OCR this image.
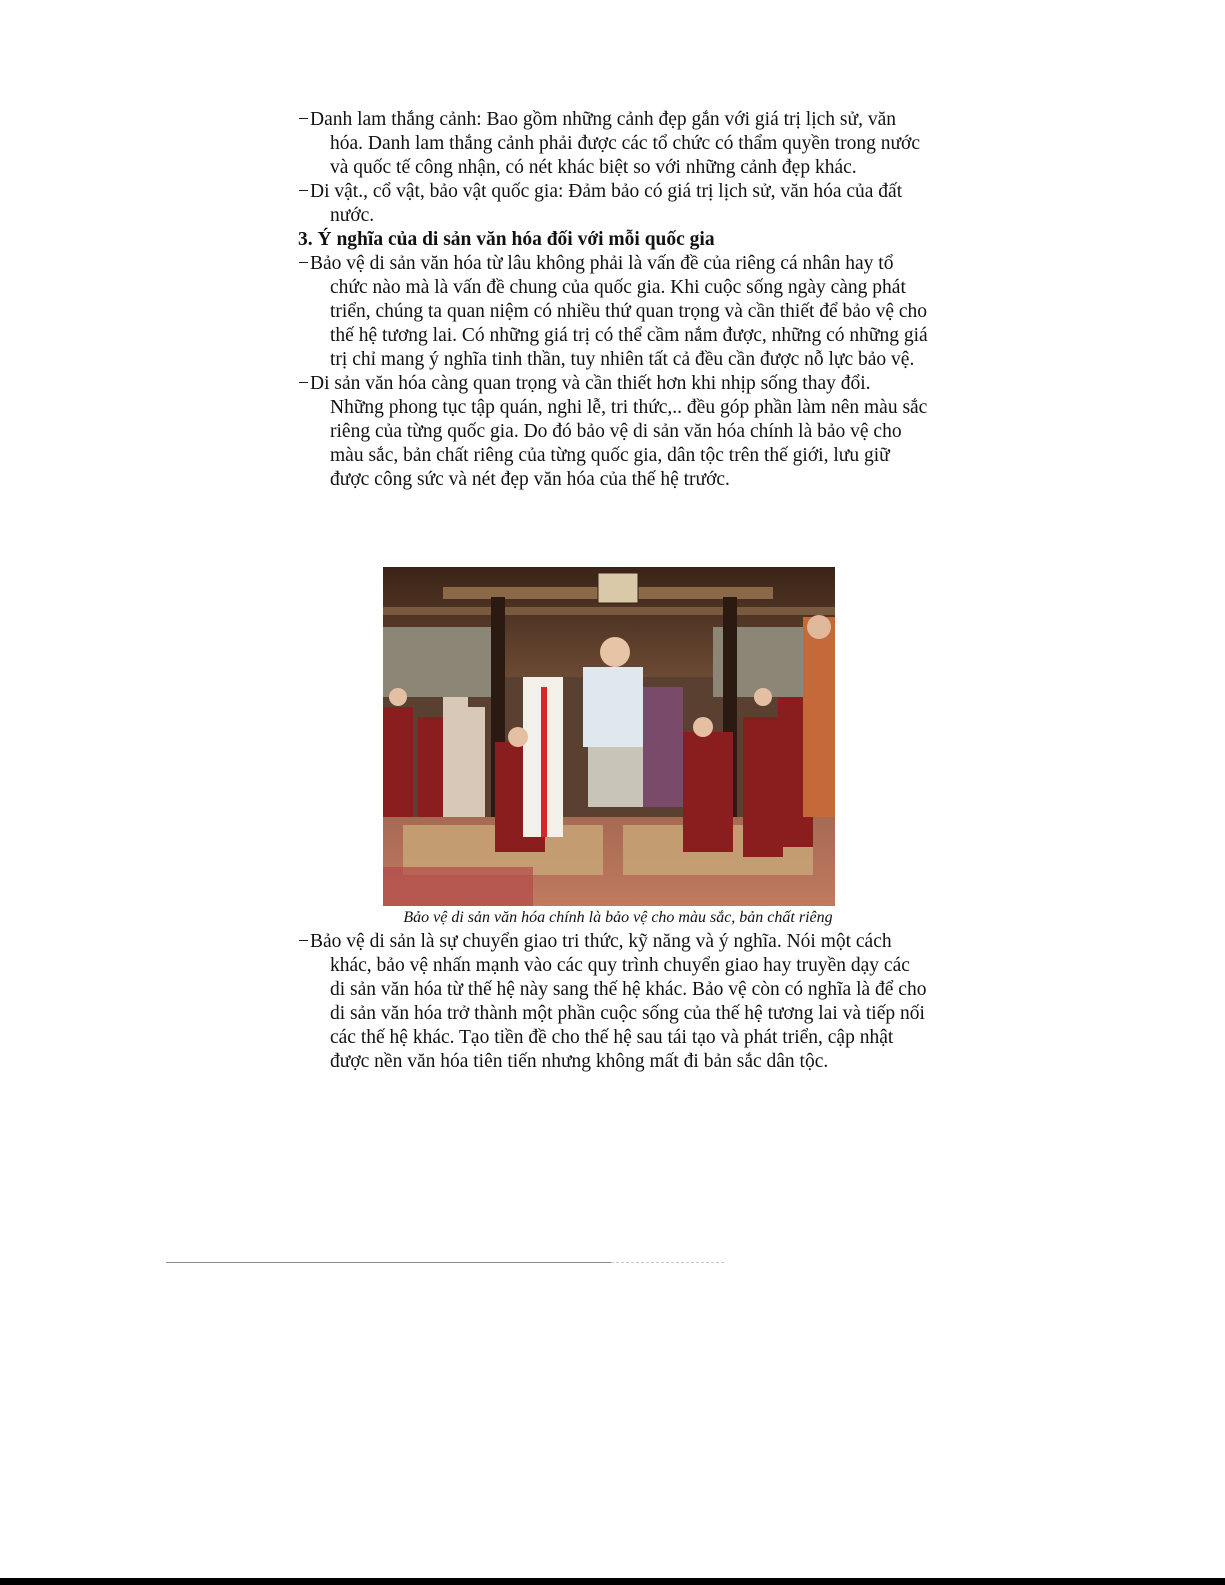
−Danh lam thắng cảnh: Bao gồm những cảnh đẹp gắn với giá trị lịch sử, văn hóa. Danh lam thắng cảnh phải được các tổ chức có thẩm quyền trong nước và quốc tế công nhận, có nét khác biệt so với những cảnh đẹp khác.

−Di vật., cổ vật, bảo vật quốc gia: Đảm bảo có giá trị lịch sử, văn hóa của đất nước.

3. Ý nghĩa của di sản văn hóa đối với mỗi quốc gia

−Bảo vệ di sản văn hóa từ lâu không phải là vấn đề của riêng cá nhân hay tổ chức nào mà là vấn đề chung của quốc gia. Khi cuộc sống ngày càng phát triển, chúng ta quan niệm có nhiều thứ quan trọng và cần thiết để bảo vệ cho thế hệ tương lai. Có những giá trị có thể cầm nắm được, những có những giá trị chỉ mang ý nghĩa tinh thần, tuy nhiên tất cả đều cần được nỗ lực bảo vệ.

−Di sản văn hóa càng quan trọng và cần thiết hơn khi nhịp sống thay đổi. Những phong tục tập quán, nghi lễ, tri thức,.. đều góp phần làm nên màu sắc riêng của từng quốc gia. Do đó bảo vệ di sản văn hóa chính là bảo vệ cho màu sắc, bản chất riêng của từng quốc gia, dân tộc trên thế giới, lưu giữ được công sức và nét đẹp văn hóa của thế hệ trước.

Bảo vệ di sản văn hóa chính là bảo vệ cho màu sắc, bản chất riêng

−Bảo vệ di sản là sự chuyển giao tri thức, kỹ năng và ý nghĩa. Nói một cách khác, bảo vệ nhấn mạnh vào các quy trình chuyển giao hay truyền dạy các di sản văn hóa từ thế hệ này sang thế hệ khác. Bảo vệ còn có nghĩa là để cho di sản văn hóa trở thành một phần cuộc sống của thế hệ tương lai và tiếp nối các thế hệ khác. Tạo tiền đề cho thế hệ sau tái tạo và phát triển, cập nhật được nền văn hóa tiên tiến nhưng không mất đi bản sắc dân tộc.
